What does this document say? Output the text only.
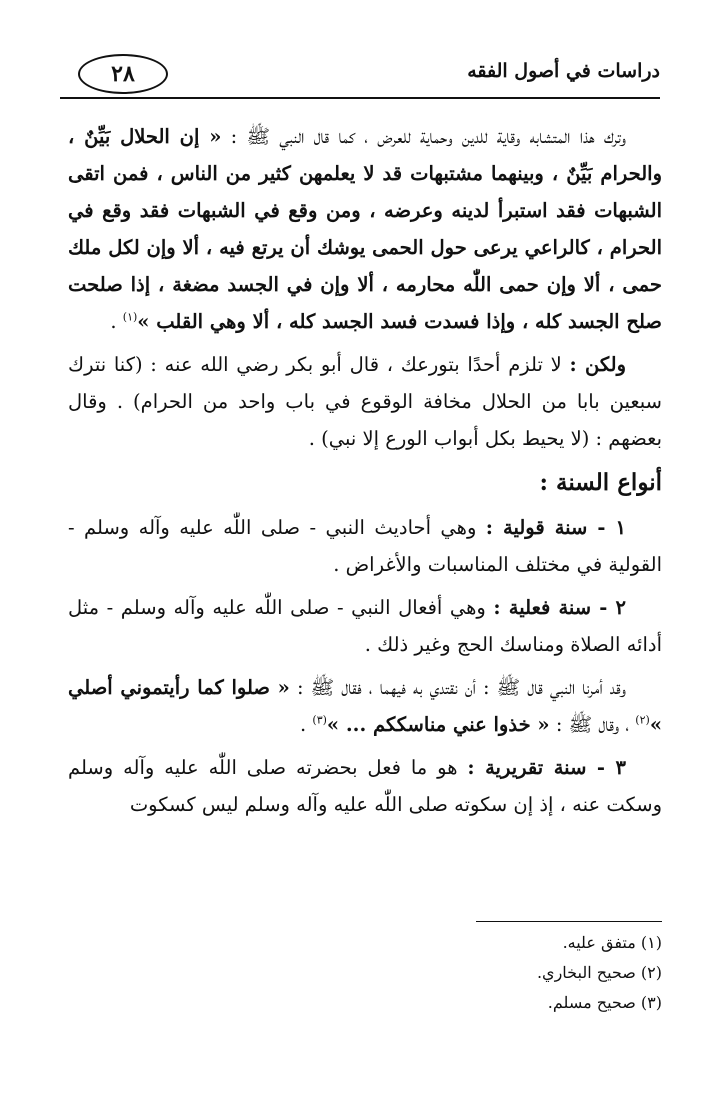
دراسات في أصول الفقه
٢٨

وترك هذا المتشابه وقاية للدين وحماية للعرض ، كما قال النبي ﷺ : « إن الحلال بَيِّنٌ ، والحرام بَيِّنٌ ، وبينهما مشتبهات قد لا يعلمهن كثير من الناس ، فمن اتقى الشبهات فقد استبرأ لدينه وعرضه ، ومن وقع في الشبهات فقد وقع في الحرام ، كالراعي يرعى حول الحمى يوشك أن يرتع فيه ، ألا وإن لكل ملك حمى ، ألا وإن حمى اللّٰه محارمه ، ألا وإن في الجسد مضغة ، إذا صلحت صلح الجسد كله ، وإذا فسدت فسد الجسد كله ، ألا وهي القلب »$^{(١)}$ .

ولكن : لا تلزم أحدًا بتورعك ، قال أبو بكر رضي الله عنه : (كنا نترك سبعين بابا من الحلال مخافة الوقوع في باب واحد من الحرام) . وقال بعضهم : (لا يحيط بكل أبواب الورع إلا نبي) .

أنواع السنة :

١ - سنة قولية : وهي أحاديث النبي - صلى اللّٰه عليه وآله وسلم - القولية في مختلف المناسبات والأغراض .

٢ - سنة فعلية : وهي أفعال النبي - صلى اللّٰه عليه وآله وسلم - مثل أدائه الصلاة ومناسك الحج وغير ذلك .

وقد أمرنا النبي قال ﷺ : أن نقتدي به فيهما ، فقال ﷺ : « صلوا كما رأيتموني أصلي »$^{(٢)}$ ، وقال ﷺ : « خذوا عني مناسككم ... »$^{(٣)}$ .

٣ - سنة تقريرية : هو ما فعل بحضرته صلى اللّٰه عليه وآله وسلم وسكت عنه ، إذ إن سكوته صلى اللّٰه عليه وآله وسلم ليس كسكوت

(١) متفق عليه.

(٢) صحيح البخاري.

(٣) صحيح مسلم.
